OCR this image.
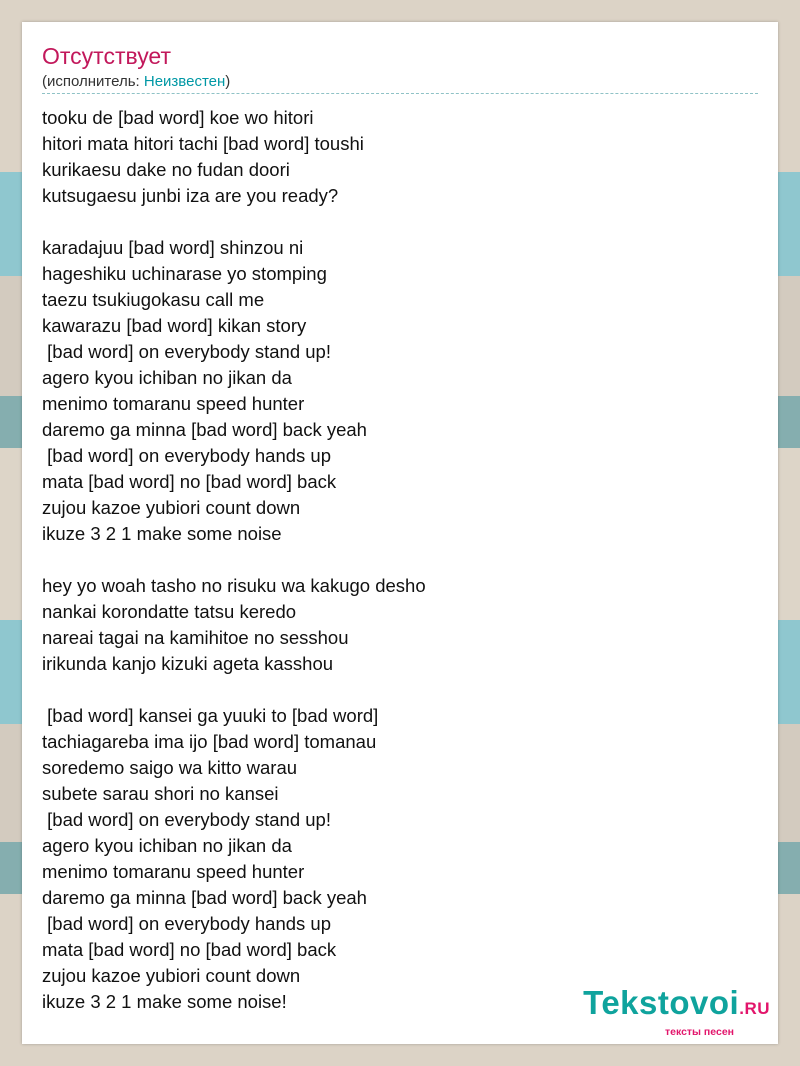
Отсутствует
(исполнитель: Неизвестен)
tooku de [bad word] koe wo hitori
hitori mata hitori tachi [bad word] toushi
kurikaesu dake no fudan doori
kutsugaesu junbi iza are you ready?
karadajuu [bad word] shinzou ni
hageshiku uchinarase yo stomping
taezu tsukiugokasu call me
kawarazu [bad word] kikan story
[bad word] on everybody stand up!
agero kyou ichiban no jikan da
menimo tomaranu speed hunter
daremo ga minna [bad word] back yeah
[bad word] on everybody hands up
mata [bad word] no [bad word] back
zujou kazoe yubiori count down
ikuze 3 2 1 make some noise
hey yo woah tasho no risuku wa kakugo desho
nankai korondatte tatsu keredo
nareai tagai na kamihitoe no sesshou
irikunda kanjo kizuki ageta kasshou
[bad word] kansei ga yuuki to [bad word]
tachiagareba ima ijo [bad word] tomanau
soredemo saigo wa kitto warau
subete sarau shori no kansei
[bad word] on everybody stand up!
agero kyou ichiban no jikan da
menimo tomaranu speed hunter
daremo ga minna [bad word] back yeah
[bad word] on everybody hands up
mata [bad word] no [bad word] back
zujou kazoe yubiori count down
ikuze 3 2 1 make some noise!	Tekstovoi.RU
тексты песен
